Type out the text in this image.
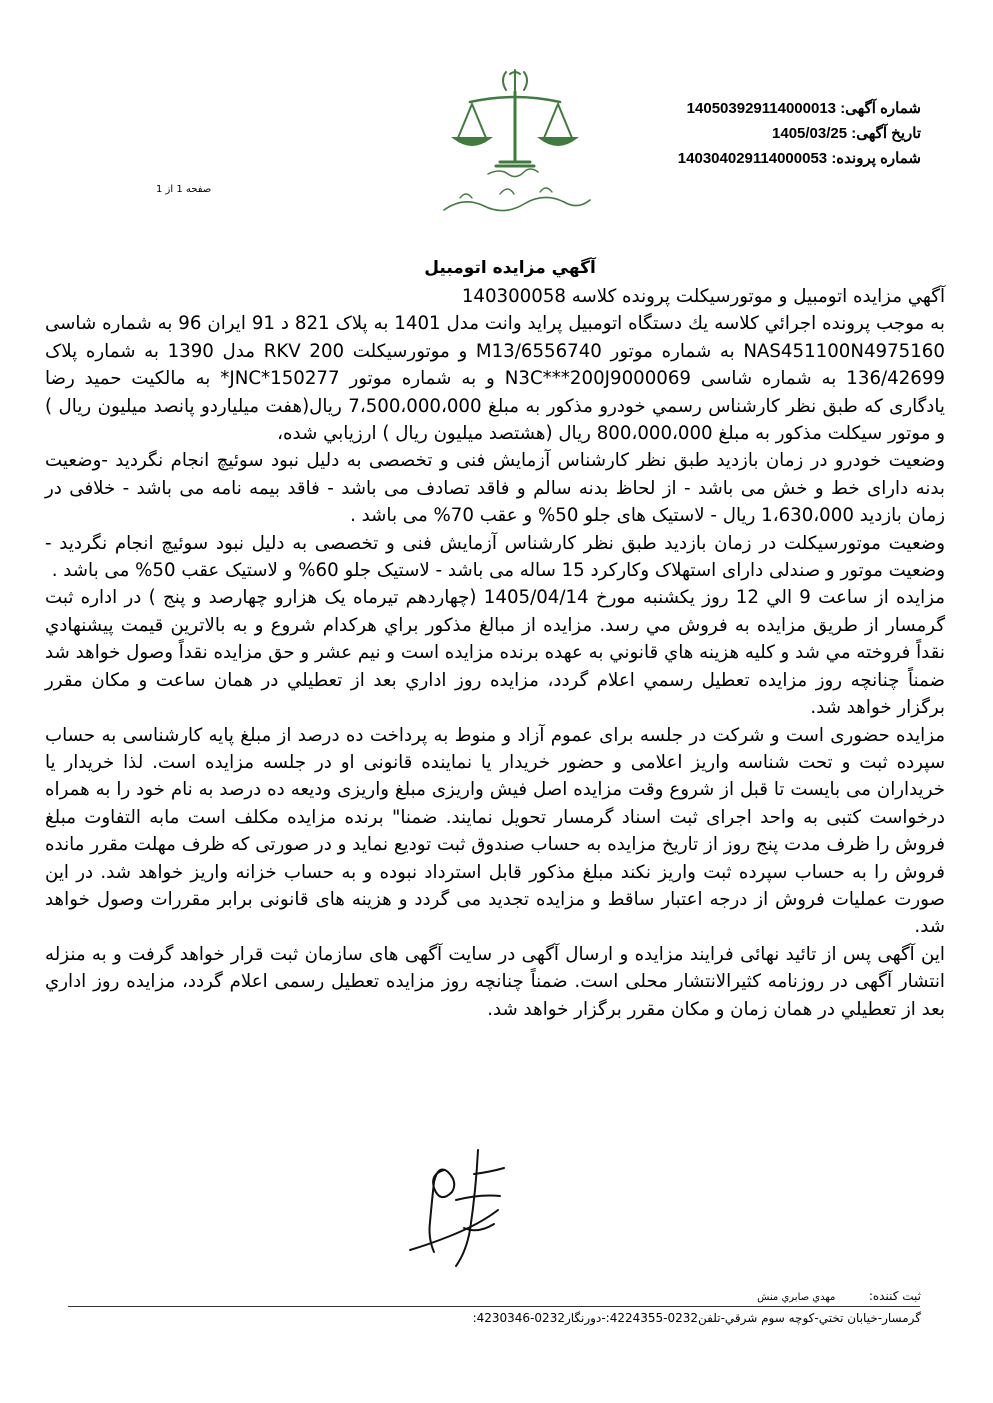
شماره آگهی: 140503929114000013
تاریخ آگهی: 1405/03/25
شماره پرونده: 140304029114000053
صفحه 1 از 1
آگهي مزايده اتومبيل

آگهي مزايده اتومبيل و موتورسيكلت پرونده كلاسه 140300058

به موجب پرونده اجرائي كلاسه يك دستگاه اتومبيل پرايد وانت مدل 1401 به پلاک 821 د 91 ايران 96 به شماره شاسی NAS451100N4975160 به شماره موتور M13/6556740 و موتورسیکلت RKV 200 مدل 1390 به شماره پلاک 136/42699 به شماره شاسی N3C***200J9000069 و به شماره موتور JNC*150277* به مالکیت حمید رضا یادگاری که طبق نظر کارشناس رسمي خودرو مذکور به مبلغ 7،500،000،000 ريال(هفت میلیاردو پانصد میلیون ریال ) و موتور سیکلت مذکور به مبلغ 800،000،000 ريال (هشتصد میلیون ریال ) ارزيابي شده،

وضعیت خودرو در زمان بازدید طبق نظر کارشناس آزمایش فنی و تخصصی به دلیل نبود سوئیچ انجام نگردید -وضعیت بدنه دارای خط و خش می باشد - از لحاظ بدنه سالم و فاقد تصادف می باشد - فاقد بیمه نامه می باشد - خلافی در زمان بازدید 1،630،000 ریال - لاستیک های جلو 50% و عقب 70% می باشد .

وضعیت موتورسیکلت در زمان بازدید طبق نظر کارشناس آزمایش فنی و تخصصی به دلیل نبود سوئیچ انجام نگردید - وضعیت موتور و صندلی دارای استهلاک وکارکرد 15 ساله می باشد - لاستیک جلو 60% و لاستیک عقب 50% می باشد .

مزايده از ساعت 9 الي 12 روز یکشنبه مورخ 1405/04/14 (چهاردهم تیرماه یک هزارو چهارصد و پنج ) در اداره ثبت گرمسار از طريق مزايده به فروش مي رسد. مزايده از مبالغ مذكور براي هركدام شروع و به بالاترين قيمت پيشنهادي نقداً فروخته مي شد و كليه هزينه هاي قانوني به عهده برنده مزايده است و نيم عشر و حق مزايده نقداً وصول خواهد شد ضمناً چنانچه روز مزايده تعطيل رسمي اعلام گردد، مزايده روز اداري بعد از تعطيلي در همان ساعت و مكان مقرر برگزار خواهد شد.

مزایده حضوری است و شرکت در جلسه برای عموم آزاد و منوط به پرداخت ده درصد از مبلغ پایه کارشناسی به حساب سپرده ثبت و تحت شناسه واریز اعلامی و حضور خریدار یا نماینده قانونی او در جلسه مزایده است. لذا خریدار یا خریداران می بایست تا قبل از شروع وقت مزایده اصل فیش واریزی مبلغ واریزی ودیعه ده درصد به نام خود را به همراه درخواست کتبی به واحد اجرای ثبت اسناد گرمسار تحویل نمایند. ضمنا" برنده مزایده مکلف است مابه التفاوت مبلغ فروش را ظرف مدت پنج روز از تاریخ مزایده به حساب صندوق ثبت تودیع نماید و در صورتی که ظرف مهلت مقرر مانده فروش را به حساب سپرده ثبت واریز نکند مبلغ مذکور قابل استرداد نبوده و به حساب خزانه واریز خواهد شد. در این صورت عملیات فروش از درجه اعتبار ساقط و مزایده تجدید می گردد و هزینه های قانونی برابر مقررات وصول خواهد شد.

این آگهی پس از تائید نهائی فرایند مزایده و ارسال آگهی در سایت آگهی های سازمان ثبت قرار خواهد گرفت و به منزله انتشار آگهی در روزنامه کثیرالانتشار محلی است. ضمناً چنانچه روز مزایده تعطیل رسمی اعلام گردد، مزايده روز اداري بعد از تعطيلي در همان زمان و مكان مقرر برگزار خواهد شد.

ثبت کننده: مهدي صابري منش
گرمسار-خيابان تختي-كوچه سوم شرقي-تلفن0232-4224355:-دورنگار0232-4230346:
